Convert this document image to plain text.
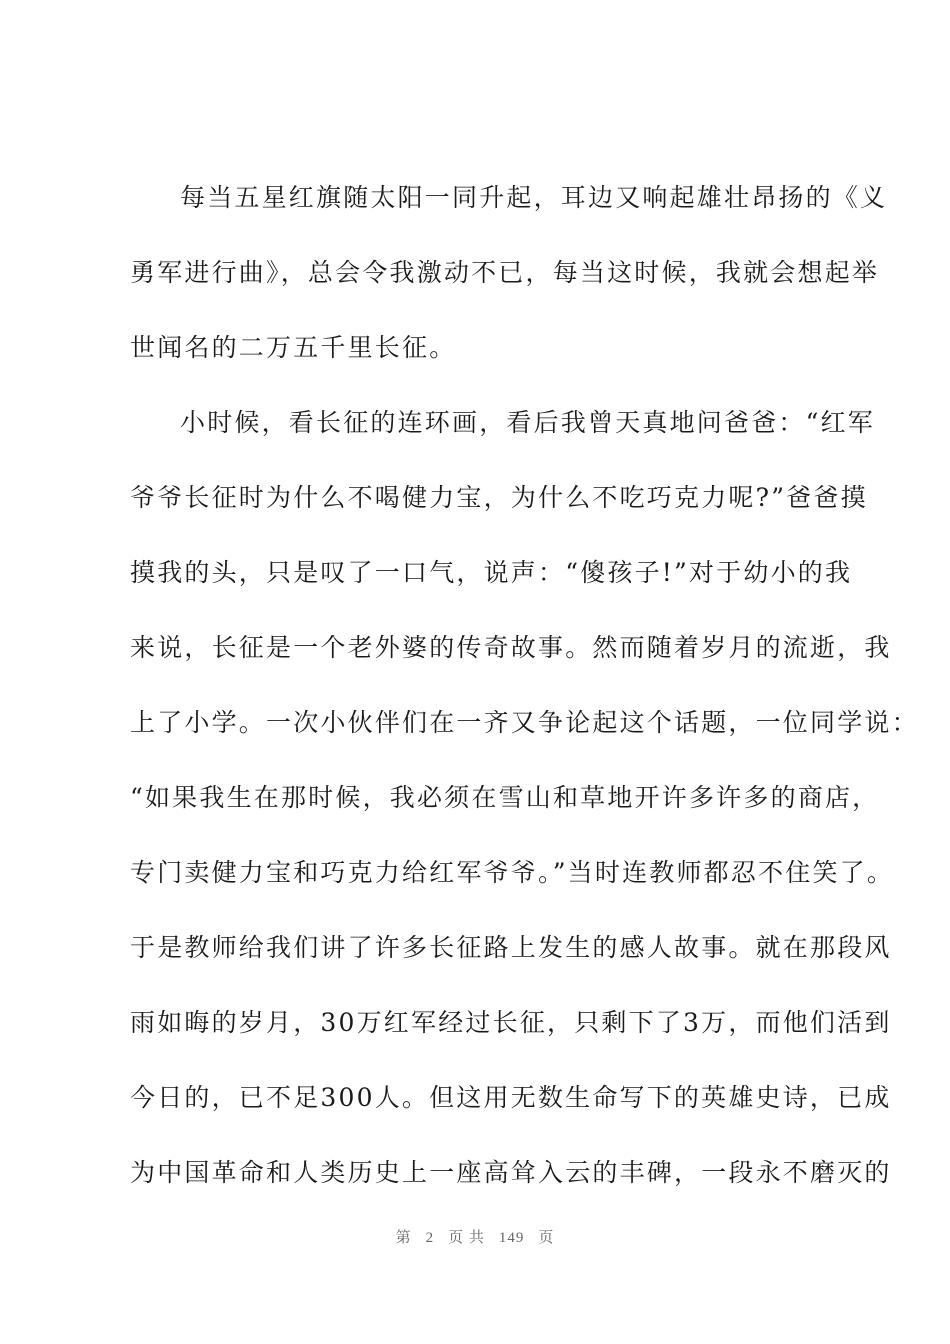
每当五星红旗随太阳一同升起，耳边又响起雄壮昂扬的《义
勇军进行曲》，总会令我激动不已，每当这时候，我就会想起举
世闻名的二万五千里长征。
小时候，看长征的连环画，看后我曾天真地问爸爸：“红军
爷爷长征时为什么不喝健力宝，为什么不吃巧克力呢?”爸爸摸
摸我的头，只是叹了一口气，说声：“傻孩子!”对于幼小的我
来说，长征是一个老外婆的传奇故事。然而随着岁月的流逝，我
上了小学。一次小伙伴们在一齐又争论起这个话题，一位同学说：
“如果我生在那时候，我必须在雪山和草地开许多许多的商店，
专门卖健力宝和巧克力给红军爷爷。”当时连教师都忍不住笑了。
于是教师给我们讲了许多长征路上发生的感人故事。就在那段风
雨如晦的岁月，30万红军经过长征，只剩下了3万，而他们活到
今日的，已不足300人。但这用无数生命写下的英雄史诗，已成
为中国革命和人类历史上一座高耸入云的丰碑，一段永不磨灭的
第 2 页 共 149 页
